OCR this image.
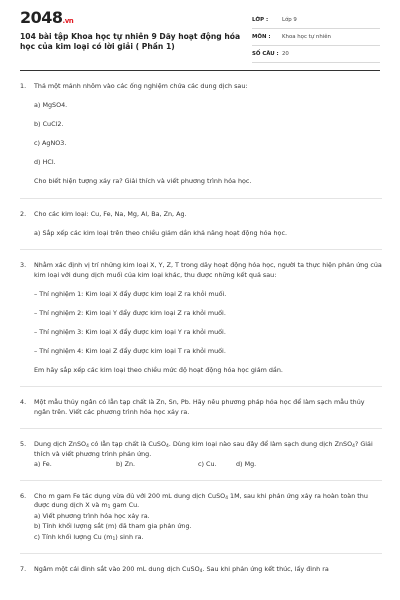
2048.vn
104 bài tập Khoa học tự nhiên 9 Dãy hoạt động hóa học của kim loại có lời giải ( Phần 1)
LỚP :	Lớp 9
MÔN :	Khoa học tự nhiên
SỐ CÂU : 20
1.	Thả một mảnh nhôm vào các ống nghiệm chứa các dung dịch sau:
a) MgSO4.
b) CuCl2.
c) AgNO3.
d) HCl.
Cho biết hiện tượng xảy ra? Giải thích và viết phương trình hóa học.
2.	Cho các kim loại: Cu, Fe, Na, Mg, Al, Ba, Zn, Ag.
a) Sắp xếp các kim loại trên theo chiều giảm dần khả năng hoạt động hóa học.
3.	Nhằm xác định vị trí những kim loại X, Y, Z, T trong dãy hoạt động hóa học, người ta thực hiện phản ứng của kim loại với dung dịch muối của kim loại khác, thu được những kết quả sau:
– Thí nghiệm 1: Kim loại X đẩy được kim loại Z ra khỏi muối.
– Thí nghiệm 2: Kim loại Y đẩy được kim loại Z ra khỏi muối.
– Thí nghiệm 3: Kim loại X đẩy được kim loại Y ra khỏi muối.
– Thí nghiệm 4: Kim loại Z đẩy được kim loại T ra khỏi muối.
Em hãy sắp xếp các kim loại theo chiều mức độ hoạt động hóa học giảm dần.
4.	Một mẫu thủy ngân có lẫn tạp chất là Zn, Sn, Pb. Hãy nêu phương pháp hóa học để làm sạch mẫu thủy ngân trên. Viết các phương trình hóa học xảy ra.
5.	Dung dịch ZnSO$_4$ có lẫn tạp chất là CuSO$_4$. Dùng kim loại nào sau đây để làm sạch dung dịch ZnSO$_4$? Giải thích và viết phương trình phản ứng.
a) Fe.	b) Zn.	c) Cu.	d) Mg.
6.	Cho m gam Fe tác dụng vừa đủ với 200 mL dung dịch CuSO$_4$ 1M, sau khi phản ứng xảy ra hoàn toàn thu được dung dịch X và $m_1$ gam Cu.
a) Viết phương trình hóa học xảy ra.
b) Tính khối lượng sắt (m) đã tham gia phản ứng.
c) Tính khối lượng Cu $(m_1)$ sinh ra.
7.	Ngâm một cái đinh sắt vào 200 mL dung dịch CuSO$_4$. Sau khi phản ứng kết thúc, lấy đinh ra
